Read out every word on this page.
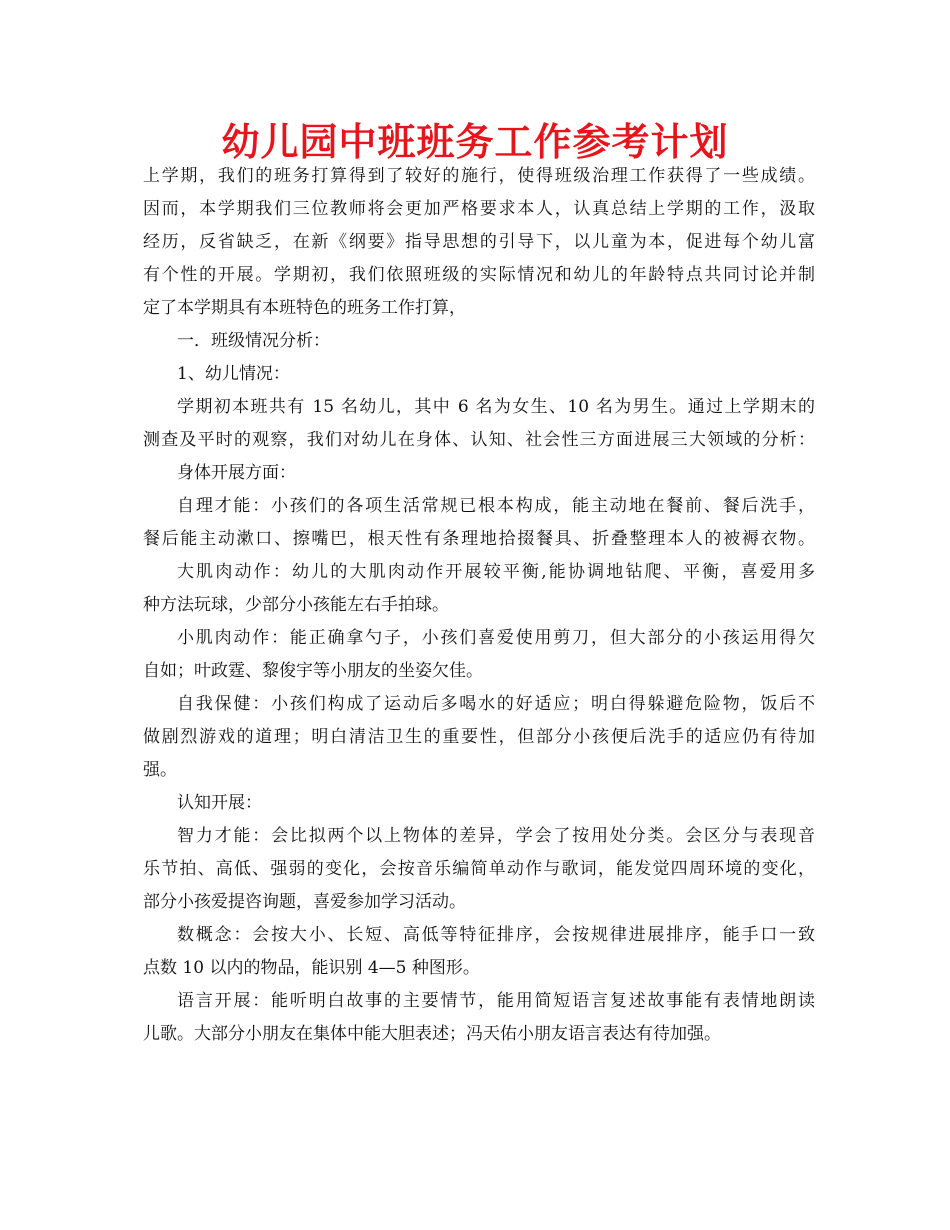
幼儿园中班班务工作参考计划
上学期，我们的班务打算得到了较好的施行，使得班级治理工作获得了一些成绩。
因而，本学期我们三位教师将会更加严格要求本人，认真总结上学期的工作，汲取
经历，反省缺乏，在新《纲要》指导思想的引导下，以儿童为本，促进每个幼儿富
有个性的开展。学期初，我们依照班级的实际情况和幼儿的年龄特点共同讨论并制
定了本学期具有本班特色的班务工作打算，
一．班级情况分析：
1、幼儿情况：
学期初本班共有 15 名幼儿，其中 6 名为女生、10 名为男生。通过上学期末的
测查及平时的观察，我们对幼儿在身体、认知、社会性三方面进展三大领域的分析：
身体开展方面：
自理才能：小孩们的各项生活常规已根本构成，能主动地在餐前、餐后洗手，
餐后能主动漱口、擦嘴巴，根天性有条理地拾掇餐具、折叠整理本人的被褥衣物。
大肌肉动作：幼儿的大肌肉动作开展较平衡,能协调地钻爬、平衡，喜爱用多
种方法玩球，少部分小孩能左右手拍球。
小肌肉动作：能正确拿勺子，小孩们喜爱使用剪刀，但大部分的小孩运用得欠
自如；叶政霆、黎俊宇等小朋友的坐姿欠佳。
自我保健：小孩们构成了运动后多喝水的好适应；明白得躲避危险物，饭后不
做剧烈游戏的道理；明白清洁卫生的重要性，但部分小孩便后洗手的适应仍有待加
强。
认知开展：
智力才能：会比拟两个以上物体的差异，学会了按用处分类。会区分与表现音
乐节拍、高低、强弱的变化，会按音乐编简单动作与歌词，能发觉四周环境的变化，
部分小孩爱提咨询题，喜爱参加学习活动。
数概念：会按大小、长短、高低等特征排序，会按规律进展排序，能手口一致
点数 10 以内的物品，能识别 4—5 种图形。
语言开展：能听明白故事的主要情节，能用简短语言复述故事能有表情地朗读
儿歌。大部分小朋友在集体中能大胆表述；冯天佑小朋友语言表达有待加强。
